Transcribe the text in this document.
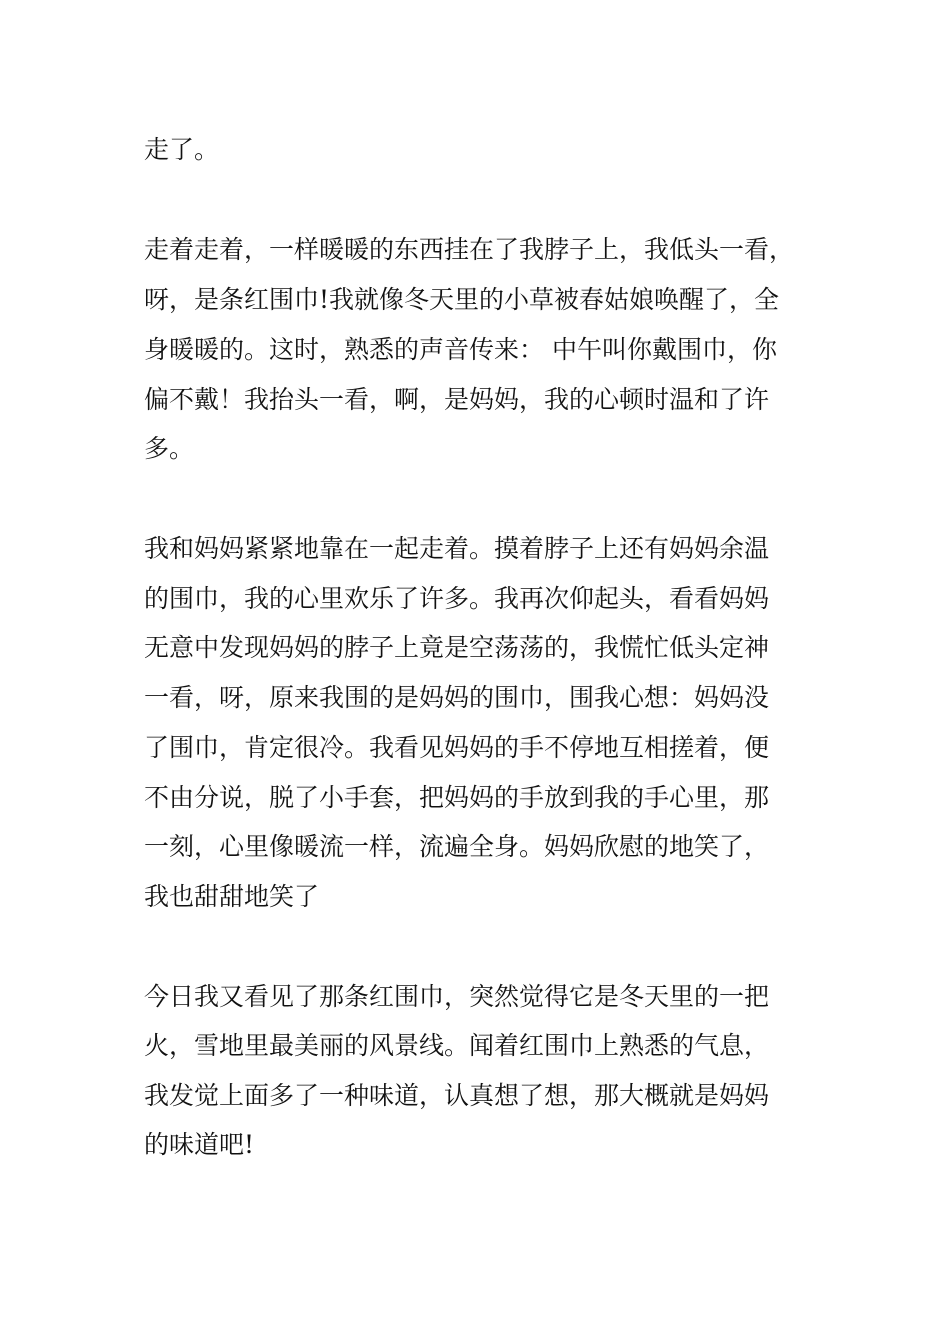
走了。

走着走着，一样暖暖的东西挂在了我脖子上，我低头一看，

呀，是条红围巾!我就像冬天里的小草被春姑娘唤醒了，全

身暖暖的。这时，熟悉的声音传来： 中午叫你戴围巾，你

偏不戴！我抬头一看，啊，是妈妈，我的心顿时温和了许

多。

我和妈妈紧紧地靠在一起走着。摸着脖子上还有妈妈余温

的围巾，我的心里欢乐了许多。我再次仰起头，看看妈妈

无意中发现妈妈的脖子上竟是空荡荡的，我慌忙低头定神

一看，呀，原来我围的是妈妈的围巾，围我心想：妈妈没

了围巾，肯定很冷。我看见妈妈的手不停地互相搓着，便

不由分说，脱了小手套，把妈妈的手放到我的手心里，那

一刻，心里像暖流一样，流遍全身。妈妈欣慰的地笑了，

我也甜甜地笑了

今日我又看见了那条红围巾，突然觉得它是冬天里的一把

火，雪地里最美丽的风景线。闻着红围巾上熟悉的气息，

我发觉上面多了一种味道，认真想了想，那大概就是妈妈

的味道吧!
